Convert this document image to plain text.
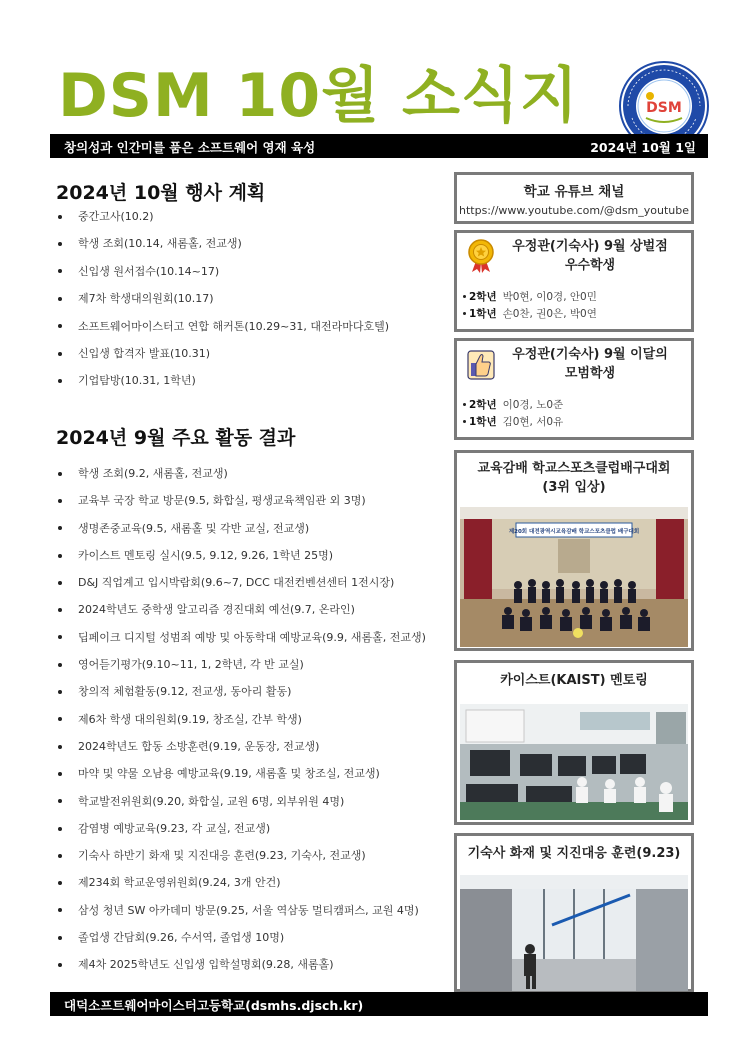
DSM 10월 소식지	DSM
창의성과 인간미를 품은 소프트웨어 영재 육성	2024년 10월 1일
2024년 10월 행사 계획
중간고사(10.2)
학생 조회(10.14, 새롬홀, 전교생)
신입생 원서접수(10.14~17)
제7차 학생대의원회(10.17)
소프트웨어마이스터고 연합 해커톤(10.29~31, 대전라마다호텔)
신입생 합격자 발표(10.31)
기업탐방(10.31, 1학년)
2024년 9월 주요 활동 결과
학생 조회(9.2, 새롬홀, 전교생)
교육부 국장 학교 방문(9.5, 화합실, 평생교육책임관 외 3명)
생명존중교육(9.5, 새롬홀 및 각반 교실, 전교생)
카이스트 멘토링 실시(9.5, 9.12, 9.26, 1학년 25명)
D&J 직업계고 입시박람회(9.6~7, DCC 대전컨벤션센터 1전시장)
2024학년도 중학생 알고리즘 경진대회 예선(9.7, 온라인)
딥페이크 디지털 성범죄 예방 및 아동학대 예방교육(9.9, 새롬홀, 전교생)
영어듣기평가(9.10~11, 1, 2학년, 각 반 교실)
창의적 체험활동(9.12, 전교생, 동아리 활동)
제6차 학생 대의원회(9.19, 창조실, 간부 학생)
2024학년도 합동 소방훈련(9.19, 운동장, 전교생)
마약 및 약물 오남용 예방교육(9.19, 새롬홀 및 창조실, 전교생)
학교발전위원회(9.20, 화합실, 교원 6명, 외부위원 4명)
감염병 예방교육(9.23, 각 교실, 전교생)
기숙사 하반기 화재 및 지진대응 훈련(9.23, 기숙사, 전교생)
제234회 학교운영위원회(9.24, 3개 안건)
삼성 청년 SW 아카데미 방문(9.25, 서울 역삼동 멀티캠퍼스, 교원 4명)
졸업생 간담회(9.26, 수서역, 졸업생 10명)
제4차 2025학년도 신입생 입학설명회(9.28, 새롬홀)
학교 유튜브 채널
https://www.youtube.com/@dsm_youtube
우정관(기숙사) 9월 상벌점
우수학생
2학년 박0현, 이0경, 안0민
1학년 손0찬, 권0은, 박0연
우정관(기숙사) 9월 이달의
모범학생
2학년 이0경, 노0준
1학년 김0현, 서0유
교육감배 학교스포츠클럽배구대회
(3위 입상)
제20회 대전광역시교육감배 학교스포츠클럽 배구대회
카이스트(KAIST) 멘토링
기숙사 화재 및 지진대응 훈련(9.23)
대덕소프트웨어마이스터고등학교(dsmhs.djsch.kr)
